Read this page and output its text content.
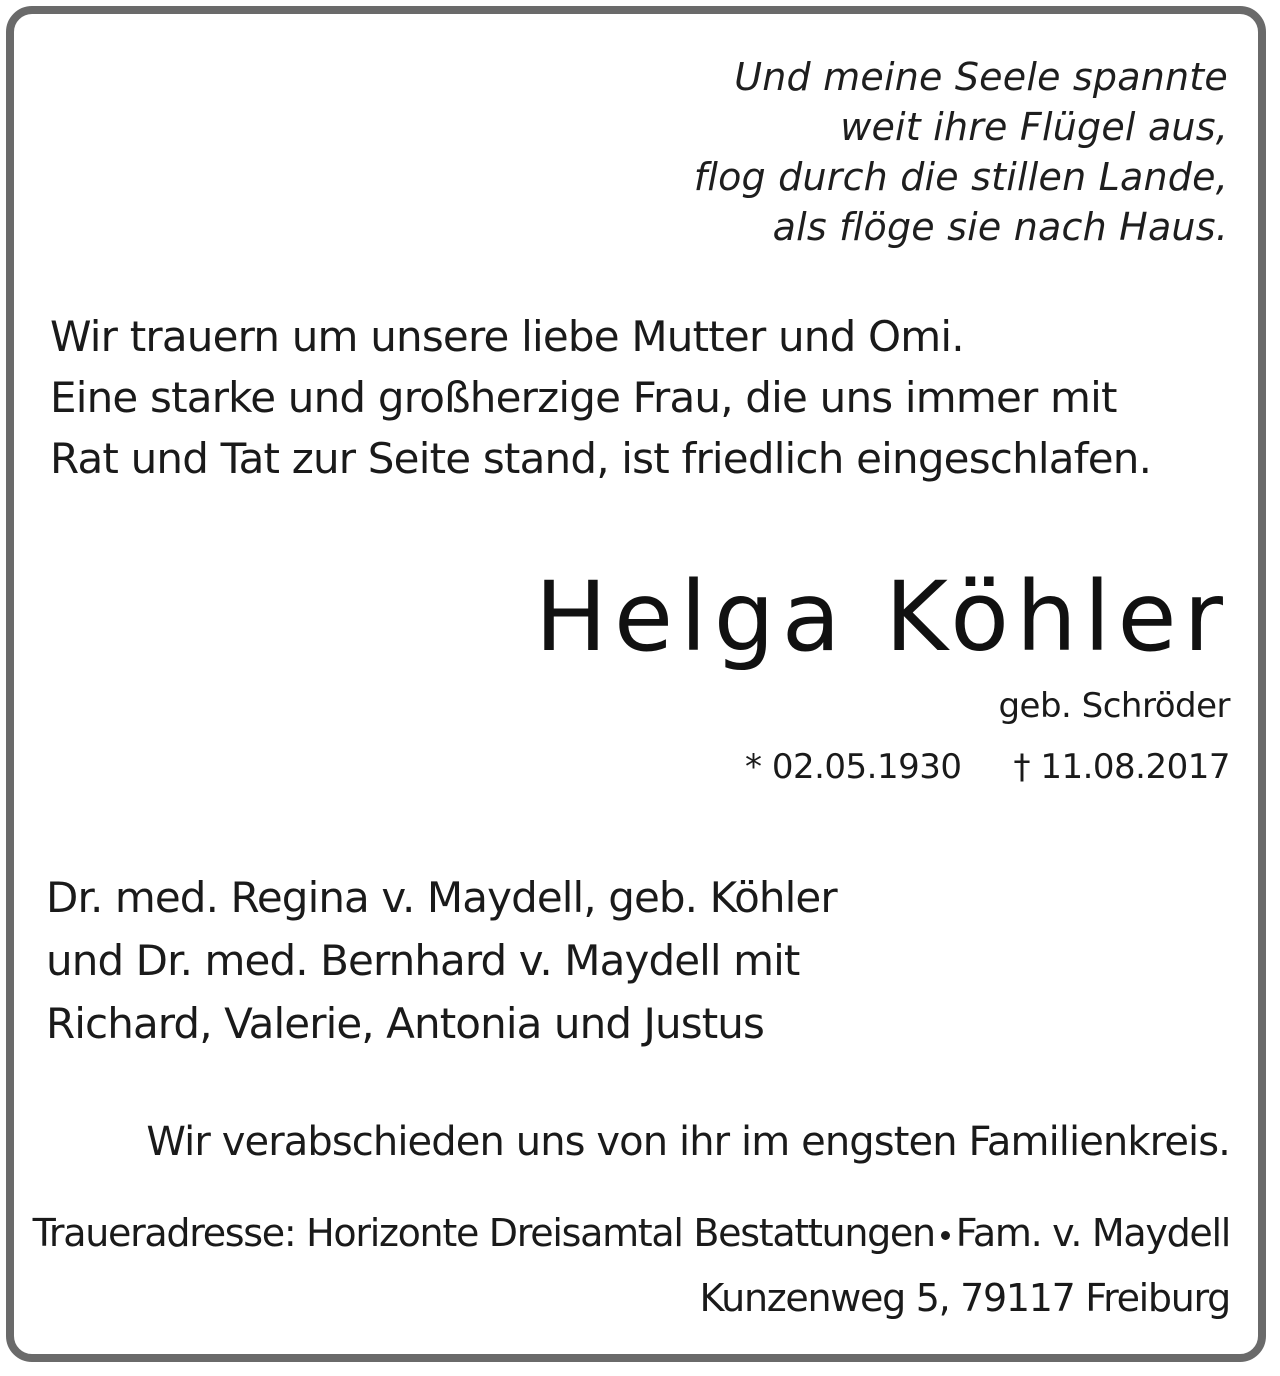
Und meine Seele spannte
weit ihre Flügel aus,
flog durch die stillen Lande,
als flöge sie nach Haus.
Wir trauern um unsere liebe Mutter und Omi.
Eine starke und großherzige Frau, die uns immer mit
Rat und Tat zur Seite stand, ist friedlich eingeschlafen.
Helga Köhler
geb. Schröder
* 02.05.1930 † 11.08.2017
Dr. med. Regina v. Maydell, geb. Köhler
und Dr. med. Bernhard v. Maydell mit
Richard, Valerie, Antonia und Justus
Wir verabschieden uns von ihr im engsten Familienkreis.
Traueradresse: Horizonte Dreisamtal Bestattungen Fam. v. Maydell
Kunzenweg 5, 79117 Freiburg
